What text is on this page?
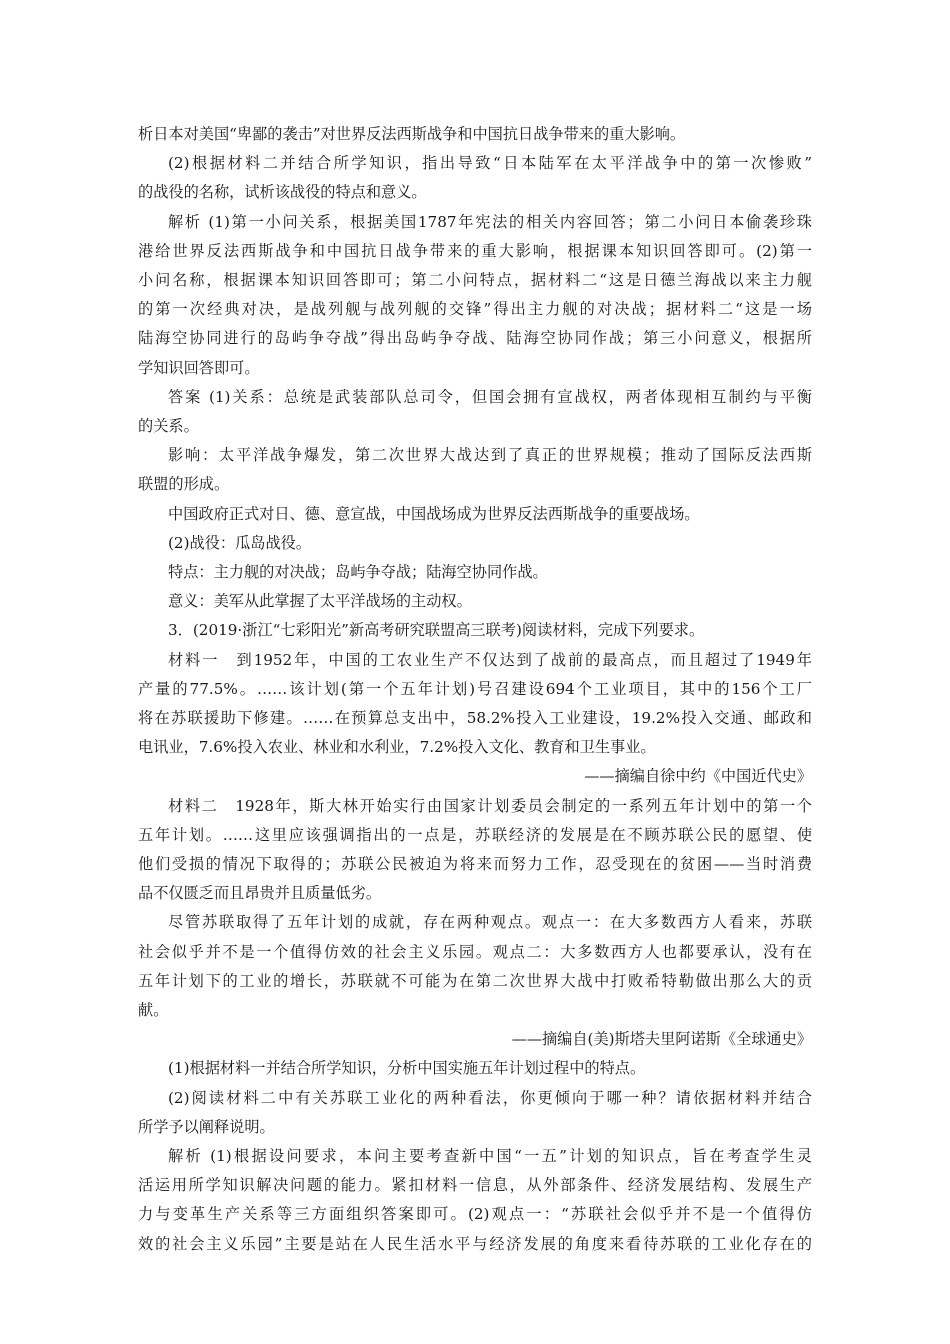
析日本对美国“卑鄙的袭击”对世界反法西斯战争和中国抗日战争带来的重大影响。
(2)根据材料二并结合所学知识，指出导致“日本陆军在太平洋战争中的第一次惨败”
的战役的名称，试析该战役的特点和意义。
解析 (1)第一小问关系，根据美国1787年宪法的相关内容回答；第二小问日本偷袭珍珠
港给世界反法西斯战争和中国抗日战争带来的重大影响，根据课本知识回答即可。(2)第一
小问名称，根据课本知识回答即可；第二小问特点，据材料二“这是日德兰海战以来主力舰
的第一次经典对决，是战列舰与战列舰的交锋”得出主力舰的对决战；据材料二“这是一场
陆海空协同进行的岛屿争夺战”得出岛屿争夺战、陆海空协同作战；第三小问意义，根据所
学知识回答即可。
答案 (1)关系：总统是武装部队总司令，但国会拥有宣战权，两者体现相互制约与平衡
的关系。
影响：太平洋战争爆发，第二次世界大战达到了真正的世界规模；推动了国际反法西斯
联盟的形成。
中国政府正式对日、德、意宣战，中国战场成为世界反法西斯战争的重要战场。
(2)战役：瓜岛战役。
特点：主力舰的对决战；岛屿争夺战；陆海空协同作战。
意义：美军从此掌握了太平洋战场的主动权。
3．(2019·浙江“七彩阳光”新高考研究联盟高三联考)阅读材料，完成下列要求。
材料一　到1952年，中国的工农业生产不仅达到了战前的最高点，而且超过了1949年
产量的77.5%。……该计划(第一个五年计划)号召建设694个工业项目，其中的156个工厂
将在苏联援助下修建。……在预算总支出中，58.2%投入工业建设，19.2%投入交通、邮政和
电讯业，7.6%投入农业、林业和水利业，7.2%投入文化、教育和卫生事业。
——摘编自徐中约《中国近代史》
材料二　1928年，斯大林开始实行由国家计划委员会制定的一系列五年计划中的第一个
五年计划。……这里应该强调指出的一点是，苏联经济的发展是在不顾苏联公民的愿望、使
他们受损的情况下取得的；苏联公民被迫为将来而努力工作，忍受现在的贫困——当时消费
品不仅匮乏而且昂贵并且质量低劣。
尽管苏联取得了五年计划的成就，存在两种观点。观点一：在大多数西方人看来，苏联
社会似乎并不是一个值得仿效的社会主义乐园。观点二：大多数西方人也都要承认，没有在
五年计划下的工业的增长，苏联就不可能为在第二次世界大战中打败希特勒做出那么大的贡
献。
——摘编自(美)斯塔夫里阿诺斯《全球通史》
(1)根据材料一并结合所学知识，分析中国实施五年计划过程中的特点。
(2)阅读材料二中有关苏联工业化的两种看法，你更倾向于哪一种？请依据材料并结合
所学予以阐释说明。
解析 (1)根据设问要求，本问主要考查新中国“一五”计划的知识点，旨在考查学生灵
活运用所学知识解决问题的能力。紧扣材料一信息，从外部条件、经济发展结构、发展生产
力与变革生产关系等三方面组织答案即可。(2)观点一：“苏联社会似乎并不是一个值得仿
效的社会主义乐园”主要是站在人民生活水平与经济发展的角度来看待苏联的工业化存在的
